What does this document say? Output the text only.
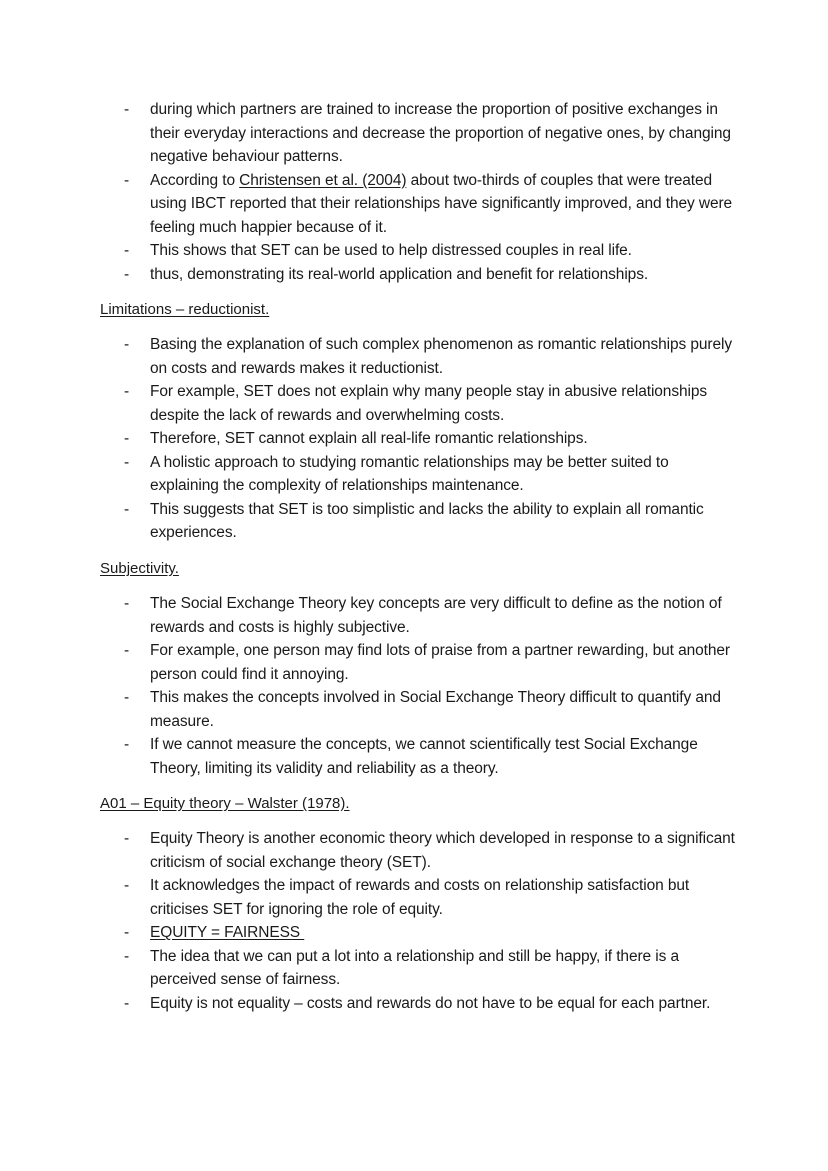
- during which partners are trained to increase the proportion of positive exchanges in their everyday interactions and decrease the proportion of negative ones, by changing negative behaviour patterns.
- According to Christensen et al. (2004) about two-thirds of couples that were treated using IBCT reported that their relationships have significantly improved, and they were feeling much happier because of it.
- This shows that SET can be used to help distressed couples in real life.
- thus, demonstrating its real-world application and benefit for relationships.

Limitations – reductionist.

- Basing the explanation of such complex phenomenon as romantic relationships purely on costs and rewards makes it reductionist.
- For example, SET does not explain why many people stay in abusive relationships despite the lack of rewards and overwhelming costs.
- Therefore, SET cannot explain all real-life romantic relationships.
- A holistic approach to studying romantic relationships may be better suited to explaining the complexity of relationships maintenance.
- This suggests that SET is too simplistic and lacks the ability to explain all romantic experiences.

Subjectivity.

- The Social Exchange Theory key concepts are very difficult to define as the notion of rewards and costs is highly subjective.
- For example, one person may find lots of praise from a partner rewarding, but another person could find it annoying.
- This makes the concepts involved in Social Exchange Theory difficult to quantify and measure.
- If we cannot measure the concepts, we cannot scientifically test Social Exchange Theory, limiting its validity and reliability as a theory.

A01 – Equity theory – Walster (1978).

- Equity Theory is another economic theory which developed in response to a significant criticism of social exchange theory (SET).
- It acknowledges the impact of rewards and costs on relationship satisfaction but criticises SET for ignoring the role of equity.
- EQUITY = FAIRNESS
- The idea that we can put a lot into a relationship and still be happy, if there is a perceived sense of fairness.
- Equity is not equality – costs and rewards do not have to be equal for each partner.
